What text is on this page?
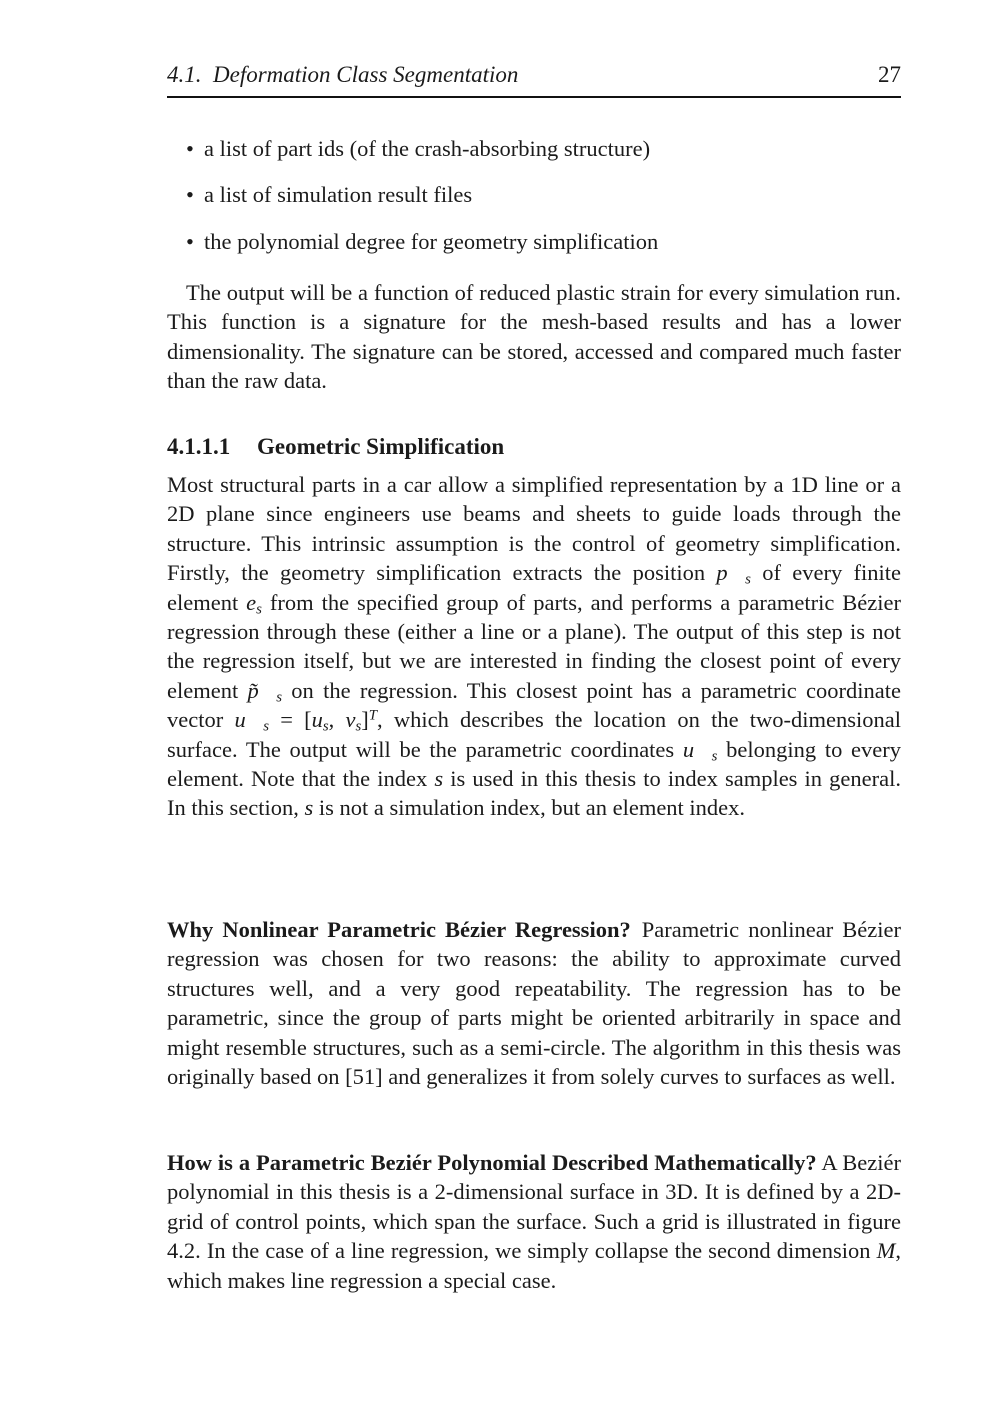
4.1. Deformation Class Segmentation	27
• a list of part ids (of the crash-absorbing structure)
• a list of simulation result files
• the polynomial degree for geometry simplification

The output will be a function of reduced plastic strain for every simulation run. This function is a signature for the mesh-based results and has a lower dimensionality. The signature can be stored, accessed and compared much faster than the raw data.

4.1.1.1 Geometric Simplification

Most structural parts in a car allow a simplified representation by a 1D line or a 2D plane since engineers use beams and sheets to guide loads through the structure. This intrinsic assumption is the control of geometry simplification. Firstly, the geometry simplification extracts the position $p⃗_s$ of every finite element $e_s$ from the specified group of parts, and performs a parametric Bézier regression through these (either a line or a plane). The output of this step is not the regression itself, but we are interested in finding the closest point of every element $p̃⃗_s$ on the regression. This closest point has a parametric coordinate vector $u⃗_s = [u_s$, $v_s]^T$, which describes the location on the two-dimensional surface. The output will be the parametric coordinates $u⃗_s$ belonging to every element. Note that the index s is used in this thesis to index samples in general. In this section, s is not a simulation index, but an element index.

Why Nonlinear Parametric Bézier Regression? Parametric nonlinear Bézier regression was chosen for two reasons: the ability to approximate curved structures well, and a very good repeatability. The regression has to be parametric, since the group of parts might be oriented arbitrarily in space and might resemble structures, such as a semi-circle. The algorithm in this thesis was originally based on [51] and generalizes it from solely curves to surfaces as well.

How is a Parametric Beziér Polynomial Described Mathematically? A Beziér polynomial in this thesis is a 2-dimensional surface in 3D. It is defined by a 2D-grid of control points, which span the surface. Such a grid is illustrated in figure 4.2. In the case of a line regression, we simply collapse the second dimension M, which makes line regression a special case.
